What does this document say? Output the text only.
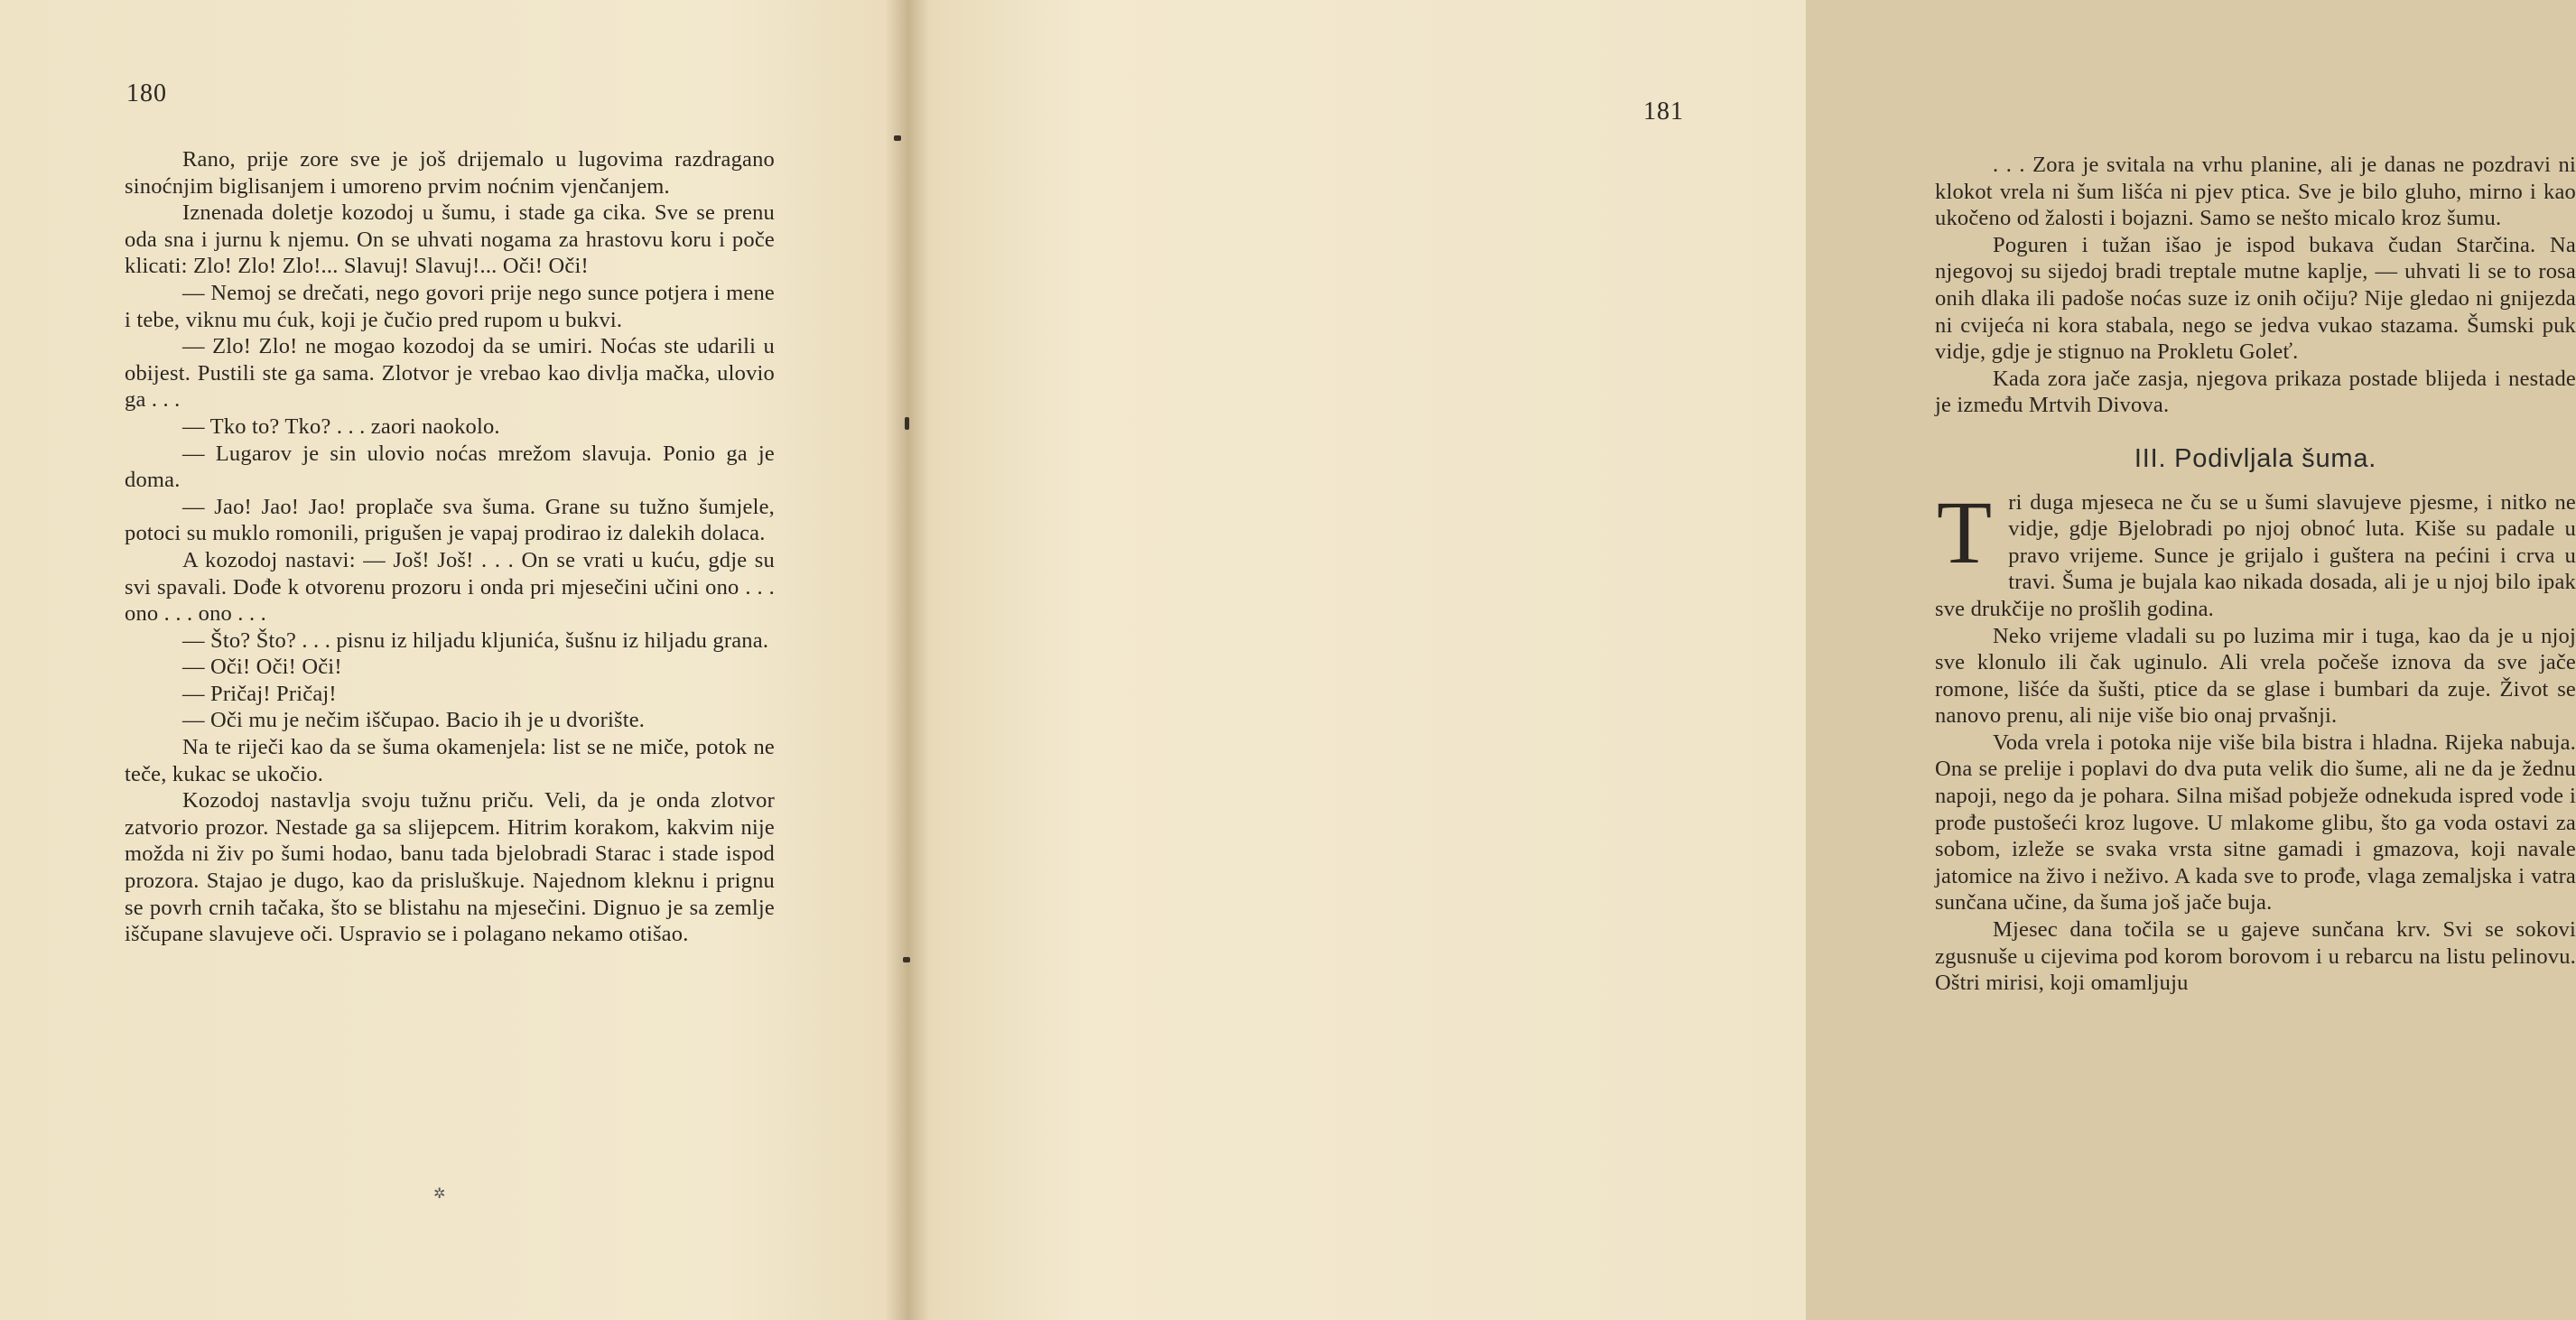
180

Rano, prije zore sve je još drijemalo u lugovima razdragano sinoćnjim biglisanjem i umoreno prvim noćnim vjenčanjem.

Iznenada doletje kozodoj u šumu, i stade ga cika. Sve se prenu oda sna i jurnu k njemu. On se uhvati nogama za hrastovu koru i poče klicati: Zlo! Zlo! Zlo!... Slavuj! Slavuj!... Oči! Oči!

— Nemoj se drečati, nego govori prije nego sunce potjera i mene i tebe, viknu mu ćuk, koji je čučio pred rupom u bukvi.

— Zlo! Zlo! ne mogao kozodoj da se umiri. Noćas ste udarili u obijest. Pustili ste ga sama. Zlotvor je vrebao kao divlja mačka, ulovio ga . . .

— Tko to? Tko? . . . zaori naokolo.

— Lugarov je sin ulovio noćas mrežom slavuja. Ponio ga je doma.

— Jao! Jao! Jao! proplače sva šuma. Grane su tužno šumjele, potoci su muklo romonili, prigušen je vapaj prodirao iz dalekih dolaca.

A kozodoj nastavi: — Još! Još! . . . On se vrati u kuću, gdje su svi spavali. Dođe k otvorenu prozoru i onda pri mjesečini učini ono . . . ono . . . ono . . .

— Što? Što? . . . pisnu iz hiljadu kljunića, šušnu iz hiljadu grana.

— Oči! Oči! Oči!

— Pričaj! Pričaj!

— Oči mu je nečim iščupao. Bacio ih je u dvorište.

Na te riječi kao da se šuma okamenjela: list se ne miče, potok ne teče, kukac se ukočio.

Kozodoj nastavlja svoju tužnu priču. Veli, da je onda zlotvor zatvorio prozor. Nestade ga sa slijepcem. Hitrim korakom, kakvim nije možda ni živ po šumi hodao, banu tada bjelobradi Starac i stade ispod prozora. Stajao je dugo, kao da prisluškuje. Najednom kleknu i prignu se povrh crnih tačaka, što se blistahu na mjesečini. Dignuo je sa zemlje iščupane slavujeve oči. Uspravio se i polagano nekamo otišao.

✲
181

. . . Zora je svitala na vrhu planine, ali je danas ne pozdravi ni klokot vrela ni šum lišća ni pjev ptica. Sve je bilo gluho, mirno i kao ukočeno od žalosti i bojazni. Samo se nešto micalo kroz šumu.

Poguren i tužan išao je ispod bukava čudan Starčina. Na njegovoj su sijedoj bradi treptale mutne kaplje, — uhvati li se to rosa onih dlaka ili padoše noćas suze iz onih očiju? Nije gledao ni gnijezda ni cvijeća ni kora stabala, nego se jedva vukao stazama. Šumski puk vidje, gdje je stignuo na Prokletu Goleť.

Kada zora jače zasja, njegova prikaza postade blijeda i nestade je između Mrtvih Divova.

III. Podivljala šuma.

Tri duga mjeseca ne ču se u šumi slavujeve pjesme, i nitko ne vidje, gdje Bjelobradi po njoj obnoć luta. Kiše su padale u pravo vrijeme. Sunce je grijalo i guštera na pećini i crva u travi. Šuma je bujala kao nikada dosada, ali je u njoj bilo ipak sve drukčije no prošlih godina.

Neko vrijeme vladali su po luzima mir i tuga, kao da je u njoj sve klonulo ili čak uginulo. Ali vrela počeše iznova da sve jače romone, lišće da šušti, ptice da se glase i bumbari da zuje. Život se nanovo prenu, ali nije više bio onaj prvašnji.

Voda vrela i potoka nije više bila bistra i hladna. Rijeka nabuja. Ona se prelije i poplavi do dva puta velik dio šume, ali ne da je žednu napoji, nego da je pohara. Silna mišad pobježe odnekuda ispred vode i prođe pustošeći kroz lugove. U mlakome glibu, što ga voda ostavi za sobom, izleže se svaka vrsta sitne gamadi i gmazova, koji navale jatomice na živo i neživo. A kada sve to prođe, vlaga zemaljska i vatra sunčana učine, da šuma još jače buja.

Mjesec dana točila se u gajeve sunčana krv. Svi se sokovi zgusnuše u cijevima pod korom borovom i u rebarcu na listu pelinovu. Oštri mirisi, koji omamljuju
